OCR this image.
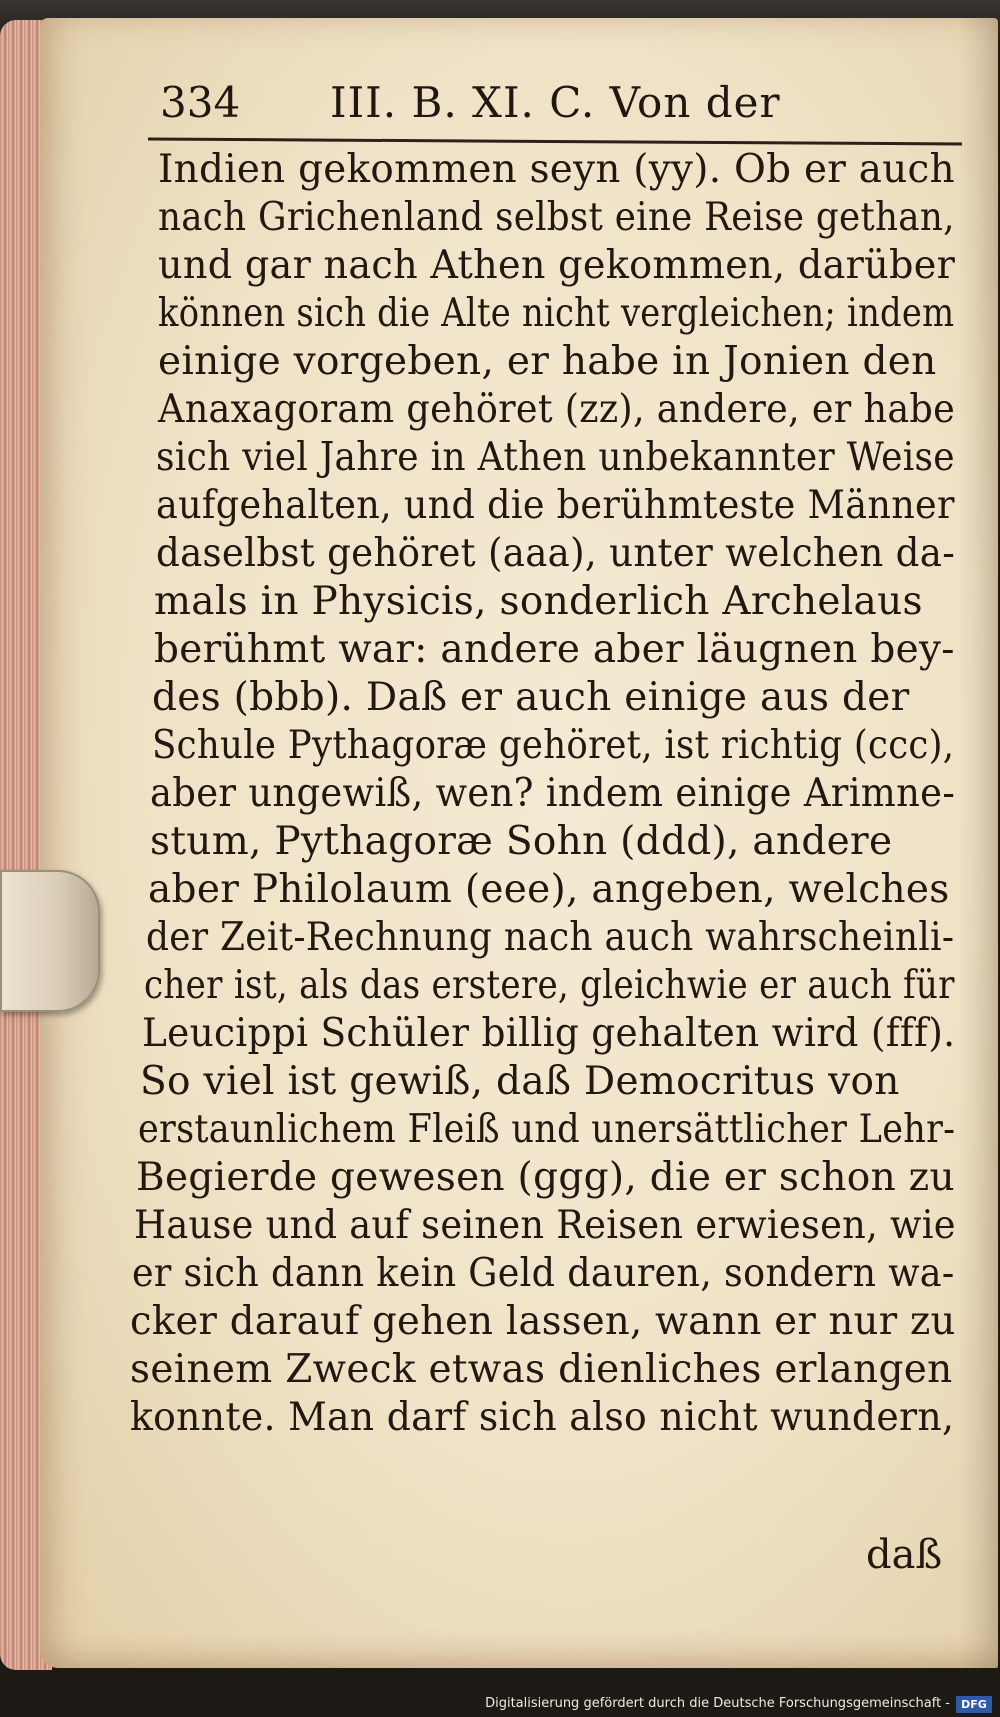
334 III. B. XI. C. Von der
Indien gekommen seyn (yy). Ob er auch
nach Grichenland selbst eine Reise gethan,
und gar nach Athen gekommen, darüber
können sich die Alte nicht vergleichen; indem
einige vorgeben, er habe in Jonien den
Anaxagoram gehöret (zz), andere, er habe
sich viel Jahre in Athen unbekannter Weise
aufgehalten, und die berühmteste Männer
daselbst gehöret (aaa), unter welchen da-
mals in Physicis, sonderlich Archelaus
berühmt war: andere aber läugnen bey-
des (bbb). Daß er auch einige aus der
Schule Pythagoræ gehöret, ist richtig (ccc),
aber ungewiß, wen? indem einige Arimne-
stum, Pythagoræ Sohn (ddd), andere
aber Philolaum (eee), angeben, welches
der Zeit-Rechnung nach auch wahrscheinli-
cher ist, als das erstere, gleichwie er auch für
Leucippi Schüler billig gehalten wird (fff).
So viel ist gewiß, daß Democritus von
erstaunlichem Fleiß und unersättlicher Lehr-
Begierde gewesen (ggg), die er schon zu
Hause und auf seinen Reisen erwiesen, wie
er sich dann kein Geld dauren, sondern wa-
cker darauf gehen lassen, wann er nur zu
seinem Zweck etwas dienliches erlangen
konnte. Man darf sich also nicht wundern,
daß
Digitalisierung gefördert durch die Deutsche Forschungsgemeinschaft -	DFG
